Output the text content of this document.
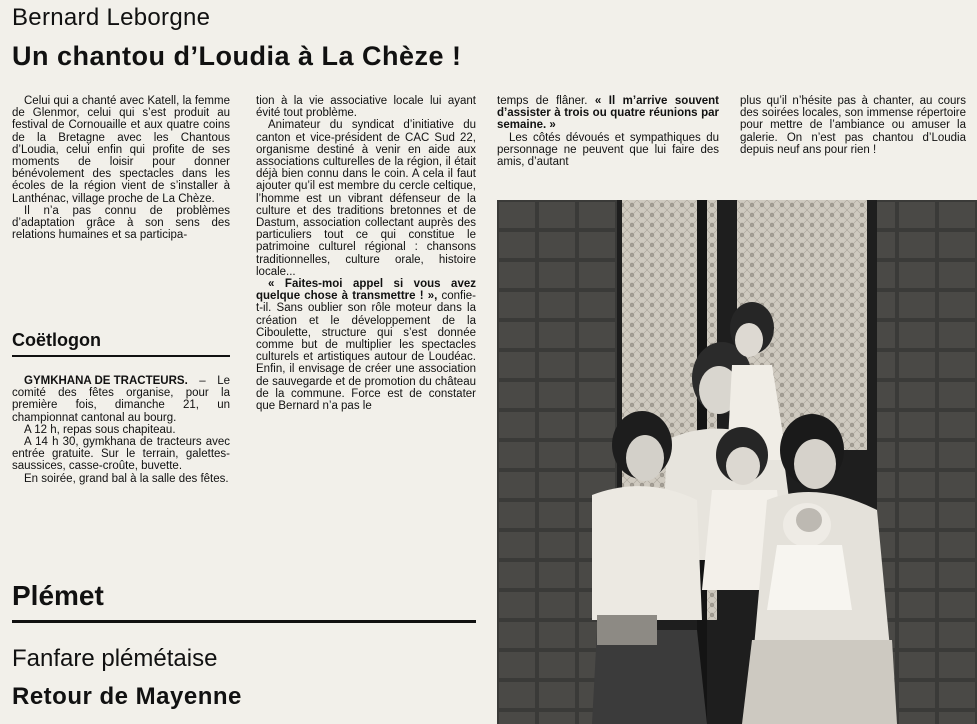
Bernard Leborgne
Un chantou d’Loudia à La Chèze !

Celui qui a chanté avec Katell, la femme de Glenmor, celui qui s’est produit au festival de Cornouaille et aux quatre coins de la Bretagne avec les Chantous d’Loudia, celui enfin qui profite de ses moments de loisir pour donner bénévolement des spectacles dans les écoles de la région vient de s’installer à Lanthénac, village proche de La Chèze.

Il n’a pas connu de problèmes d’adaptation grâce à son sens des relations humaines et sa participa-

tion à la vie associative locale lui ayant évité tout problème.

Animateur du syndicat d’initiative du canton et vice-président de CAC Sud 22, organisme destiné à venir en aide aux associations culturelles de la région, il était déjà bien connu dans le coin. A cela il faut ajouter qu’il est membre du cercle celtique, l’homme est un vibrant défenseur de la culture et des traditions bretonnes et de Dastum, association collectant auprès des particuliers tout ce qui constitue le patrimoine culturel régional : chansons traditionnelles, culture orale, histoire locale...

« Faites-moi appel si vous avez quelque chose à transmettre ! », confie-t-il. Sans oublier son rôle moteur dans la création et le développement de la Ciboulette, structure qui s’est donnée comme but de multiplier les spectacles culturels et artistiques autour de Loudéac. Enfin, il envisage de créer une association de sauvegarde et de promotion du château de la commune. Force est de constater que Bernard n’a pas le

temps de flâner. « Il m’arrive souvent d’assister à trois ou quatre réunions par semaine. »

Les côtés dévoués et sympathiques du personnage ne peuvent que lui faire des amis, d’autant

plus qu’il n’hésite pas à chanter, au cours des soirées locales, son immense répertoire pour mettre de l’ambiance ou amuser la galerie. On n’est pas chantou d’Loudia depuis neuf ans pour rien !

Coëtlogon

GYMKHANA DE TRACTEURS. – Le comité des fêtes organise, pour la première fois, dimanche 21, un championnat cantonal au bourg.

A 12 h, repas sous chapiteau.

A 14 h 30, gymkhana de tracteurs avec entrée gratuite. Sur le terrain, galettes-saussices, casse-croûte, buvette.

En soirée, grand bal à la salle des fêtes.

Plémet
Fanfare plémétaise
Retour de Mayenne
